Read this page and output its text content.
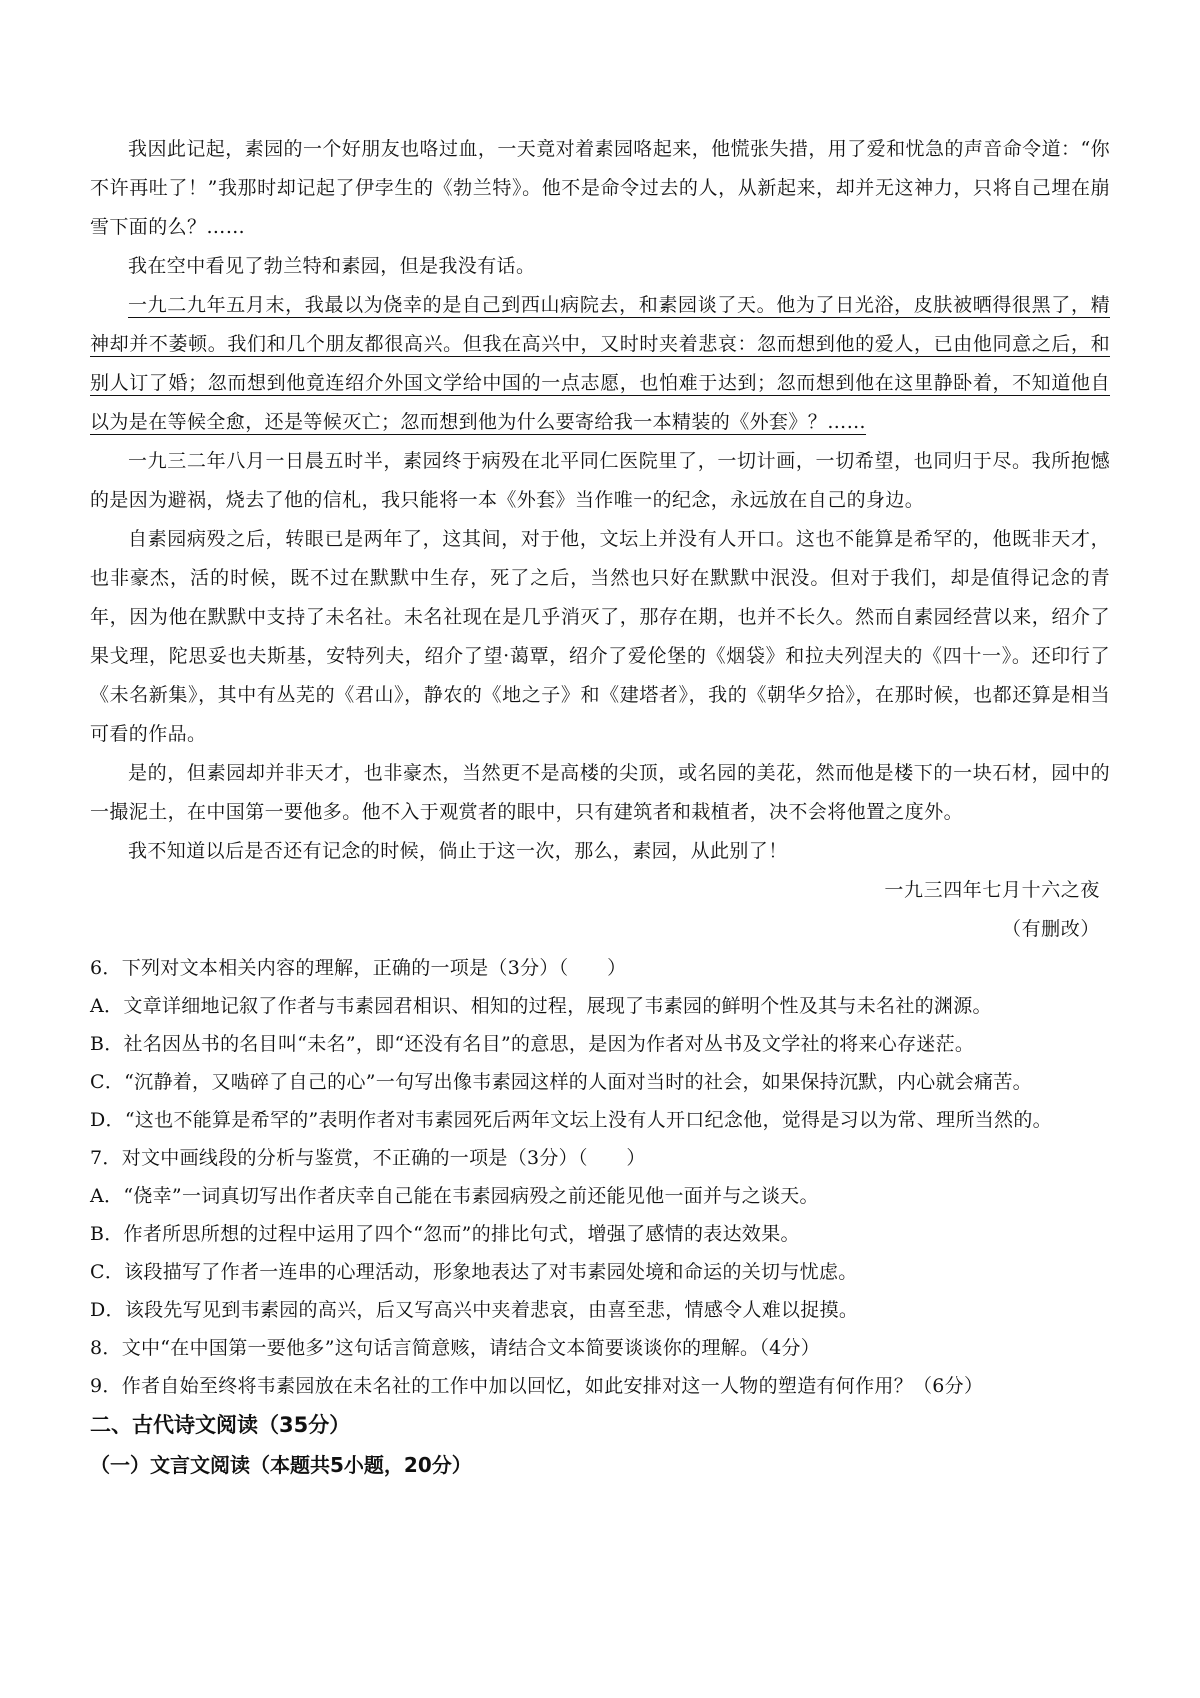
我因此记起，素园的一个好朋友也咯过血，一天竟对着素园咯起来，他慌张失措，用了爱和忧急的声音命令道：“你不许再吐了！”我那时却记起了伊孛生的《勃兰特》。他不是命令过去的人，从新起来，却并无这神力，只将自己埋在崩雪下面的么？……

我在空中看见了勃兰特和素园，但是我没有话。

一九二九年五月末，我最以为侥幸的是自己到西山病院去，和素园谈了天。他为了日光浴，皮肤被晒得很黑了，精神却并不萎顿。我们和几个朋友都很高兴。但我在高兴中，又时时夹着悲哀：忽而想到他的爱人，已由他同意之后，和别人订了婚；忽而想到他竟连绍介外国文学给中国的一点志愿，也怕难于达到；忽而想到他在这里静卧着，不知道他自以为是在等候全愈，还是等候灭亡；忽而想到他为什么要寄给我一本精装的《外套》？……

一九三二年八月一日晨五时半，素园终于病殁在北平同仁医院里了，一切计画，一切希望，也同归于尽。我所抱憾的是因为避祸，烧去了他的信札，我只能将一本《外套》当作唯一的纪念，永远放在自己的身边。

自素园病殁之后，转眼已是两年了，这其间，对于他，文坛上并没有人开口。这也不能算是希罕的，他既非天才，也非豪杰，活的时候，既不过在默默中生存，死了之后，当然也只好在默默中泯没。但对于我们，却是值得记念的青年，因为他在默默中支持了未名社。未名社现在是几乎消灭了，那存在期，也并不长久。然而自素园经营以来，绍介了果戈理，陀思妥也夫斯基，安特列夫，绍介了望·蔼覃，绍介了爱伦堡的《烟袋》和拉夫列涅夫的《四十一》。还印行了《未名新集》，其中有丛芜的《君山》，静农的《地之子》和《建塔者》，我的《朝华夕拾》，在那时候，也都还算是相当可看的作品。

是的，但素园却并非天才，也非豪杰，当然更不是高楼的尖顶，或名园的美花，然而他是楼下的一块石材，园中的一撮泥土，在中国第一要他多。他不入于观赏者的眼中，只有建筑者和栽植者，决不会将他置之度外。

我不知道以后是否还有记念的时候，倘止于这一次，那么，素园，从此别了！

一九三四年七月十六之夜

（有删改）

6．下列对文本相关内容的理解，正确的一项是（3分）（　　）

A．文章详细地记叙了作者与韦素园君相识、相知的过程，展现了韦素园的鲜明个性及其与未名社的渊源。

B．社名因丛书的名目叫“未名”，即“还没有名目”的意思，是因为作者对丛书及文学社的将来心存迷茫。

C．“沉静着，又啮碎了自己的心”一句写出像韦素园这样的人面对当时的社会，如果保持沉默，内心就会痛苦。

D．“这也不能算是希罕的”表明作者对韦素园死后两年文坛上没有人开口纪念他，觉得是习以为常、理所当然的。

7．对文中画线段的分析与鉴赏，不正确的一项是（3分）（　　）

A．“侥幸”一词真切写出作者庆幸自己能在韦素园病殁之前还能见他一面并与之谈天。

B．作者所思所想的过程中运用了四个“忽而”的排比句式，增强了感情的表达效果。

C．该段描写了作者一连串的心理活动，形象地表达了对韦素园处境和命运的关切与忧虑。

D．该段先写见到韦素园的高兴，后又写高兴中夹着悲哀，由喜至悲，情感令人难以捉摸。

8．文中“在中国第一要他多”这句话言简意赅，请结合文本简要谈谈你的理解。（4分）

9．作者自始至终将韦素园放在未名社的工作中加以回忆，如此安排对这一人物的塑造有何作用？（6分）

二、古代诗文阅读（35分）

（一）文言文阅读（本题共5小题，20分）
